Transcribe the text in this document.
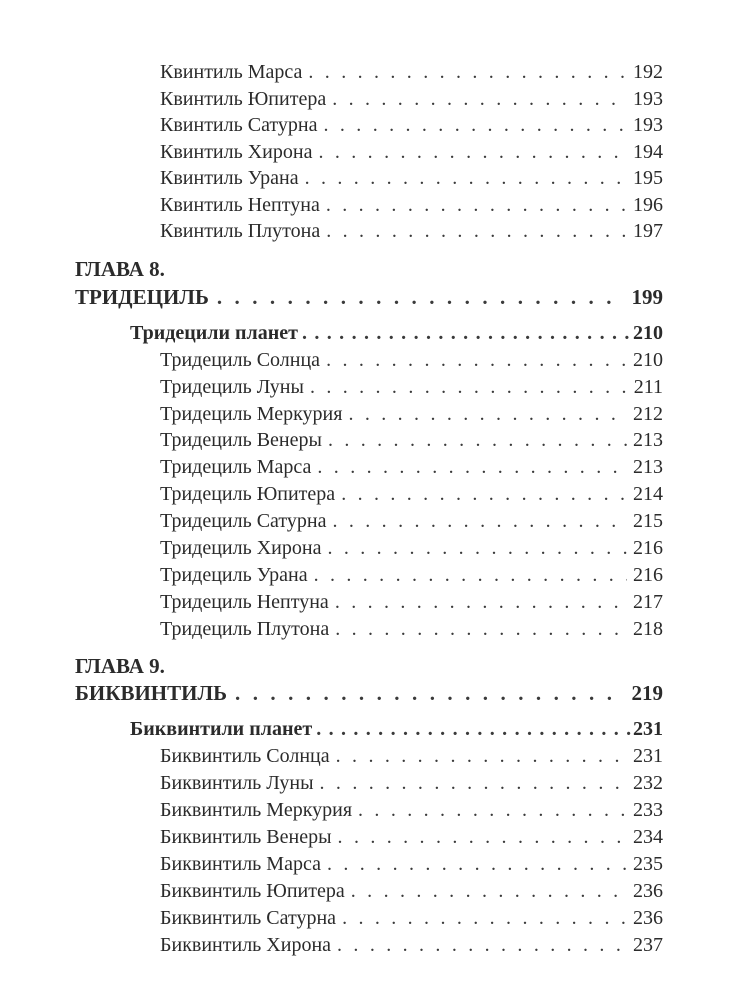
Квинтиль Марса . . .	192
Квинтиль Юпитера . . .	193
Квинтиль Сатурна . . .	193
Квинтиль Хирона . . .	194
Квинтиль Урана . . .	195
Квинтиль Нептуна . . .	196
Квинтиль Плутона . . .	197
ГЛАВА 8.
ТРИДЕЦИЛЬ . . .	199
Тридецили планет . . .	210
Тридециль Солнца . . .	210
Тридециль Луны . . .	211
Тридециль Меркурия . . .	212
Тридециль Венеры . . .	213
Тридециль Марса . . .	213
Тридециль Юпитера . . .	214
Тридециль Сатурна . . .	215
Тридециль Хирона . . .	216
Тридециль Урана . . .	216
Тридециль Нептуна . . .	217
Тридециль Плутона . . .	218
ГЛАВА 9.
БИКВИНТИЛЬ . . .	219
Биквинтили планет . . .	231
Биквинтиль Солнца . . .	231
Биквинтиль Луны . . .	232
Биквинтиль Меркурия . . .	233
Биквинтиль Венеры . . .	234
Биквинтиль Марса . . .	235
Биквинтиль Юпитера . . .	236
Биквинтиль Сатурна . . .	236
Биквинтиль Хирона . . .	237
